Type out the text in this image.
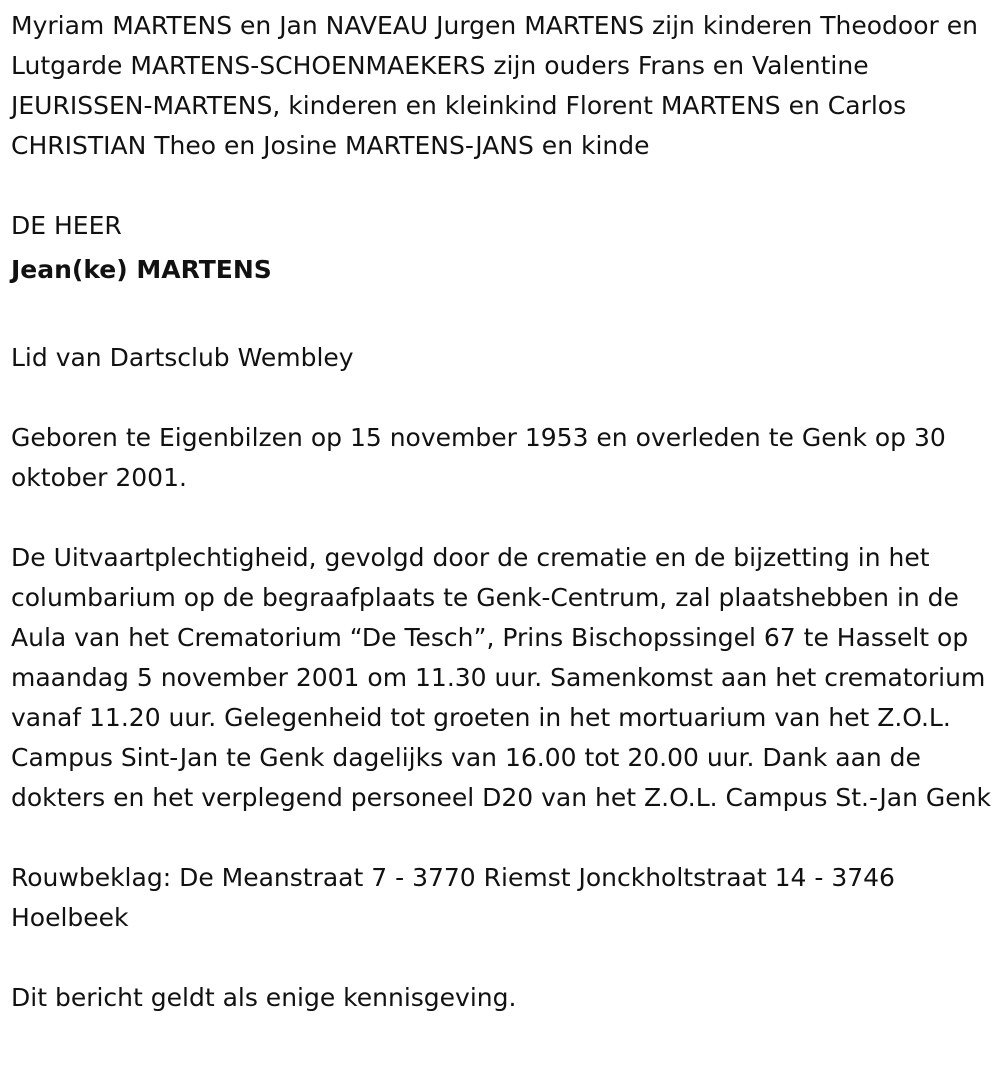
Myriam MARTENS en Jan NAVEAU Jurgen MARTENS zijn kinderen Theodoor en Lutgarde MARTENS-SCHOENMAEKERS zijn ouders Frans en Valentine JEURISSEN-MARTENS, kinderen en kleinkind Florent MARTENS en Carlos CHRISTIAN Theo en Josine MARTENS-JANS en kinde

DE HEER

Jean(ke) MARTENS

Lid van Dartsclub Wembley

Geboren te Eigenbilzen op 15 november 1953 en overleden te Genk op 30 oktober 2001.

De Uitvaartplechtigheid, gevolgd door de crematie en de bijzetting in het columbarium op de begraafplaats te Genk-Centrum, zal plaatshebben in de Aula van het Crematorium “De Tesch”, Prins Bischopssingel 67 te Hasselt op maandag 5 november 2001 om 11.30 uur. Samenkomst aan het crematorium vanaf 11.20 uur. Gelegenheid tot groeten in het mortuarium van het Z.O.L. Campus Sint-Jan te Genk dagelijks van 16.00 tot 20.00 uur. Dank aan de dokters en het verplegend personeel D20 van het Z.O.L. Campus St.-Jan Genk

Rouwbeklag: De Meanstraat 7 - 3770 Riemst Jonckholtstraat 14 - 3746 Hoelbeek

Dit bericht geldt als enige kennisgeving.
